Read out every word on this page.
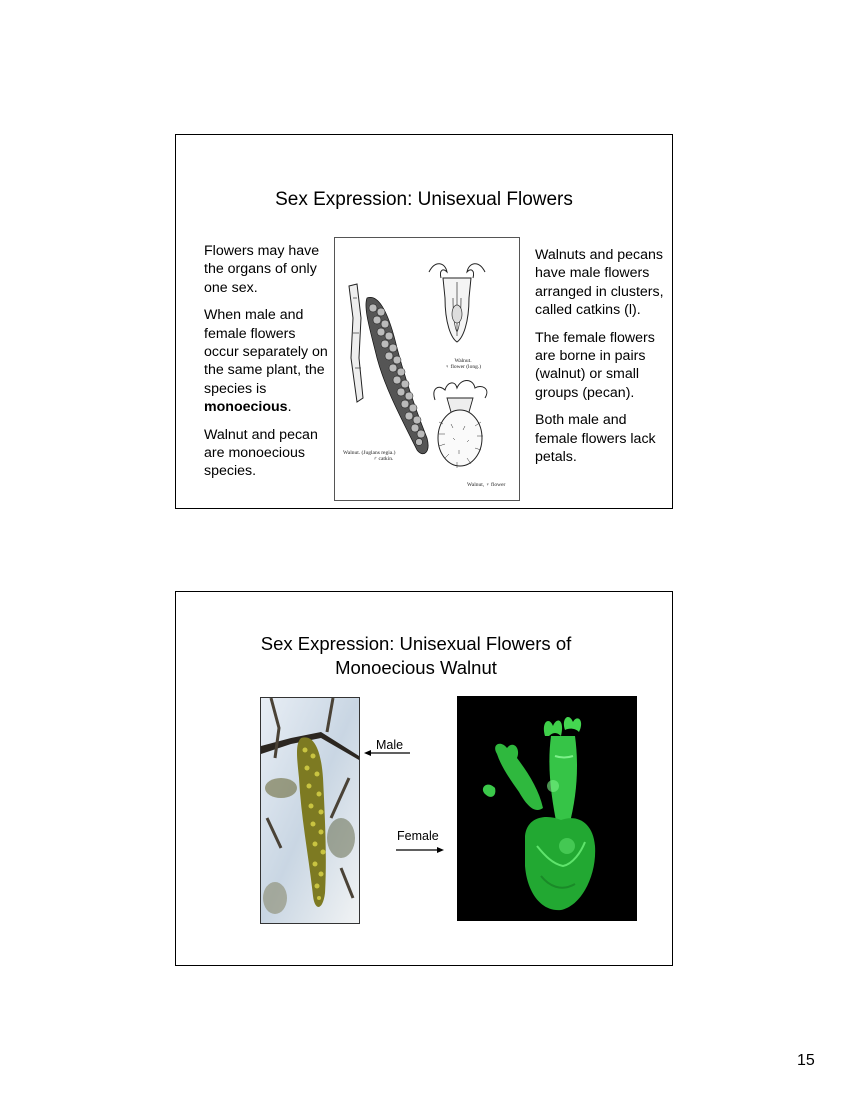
Sex Expression: Unisexual Flowers

Flowers may have the organs of only one sex.

When male and female flowers occur separately on the same plant, the species is monoecious.

Walnut and pecan are monoecious species.

Walnut. (Juglans regia.)
♂ catkin.
Walnut.
♀ flower (long.)
Walnut, ♀ flower

Walnuts and pecans have male flowers arranged in clusters, called catkins (l).

The female flowers are borne in pairs (walnut) or small groups (pecan).

Both male and female flowers lack petals.

Sex Expression: Unisexual Flowers of
Monoecious Walnut
Male
Female
15
